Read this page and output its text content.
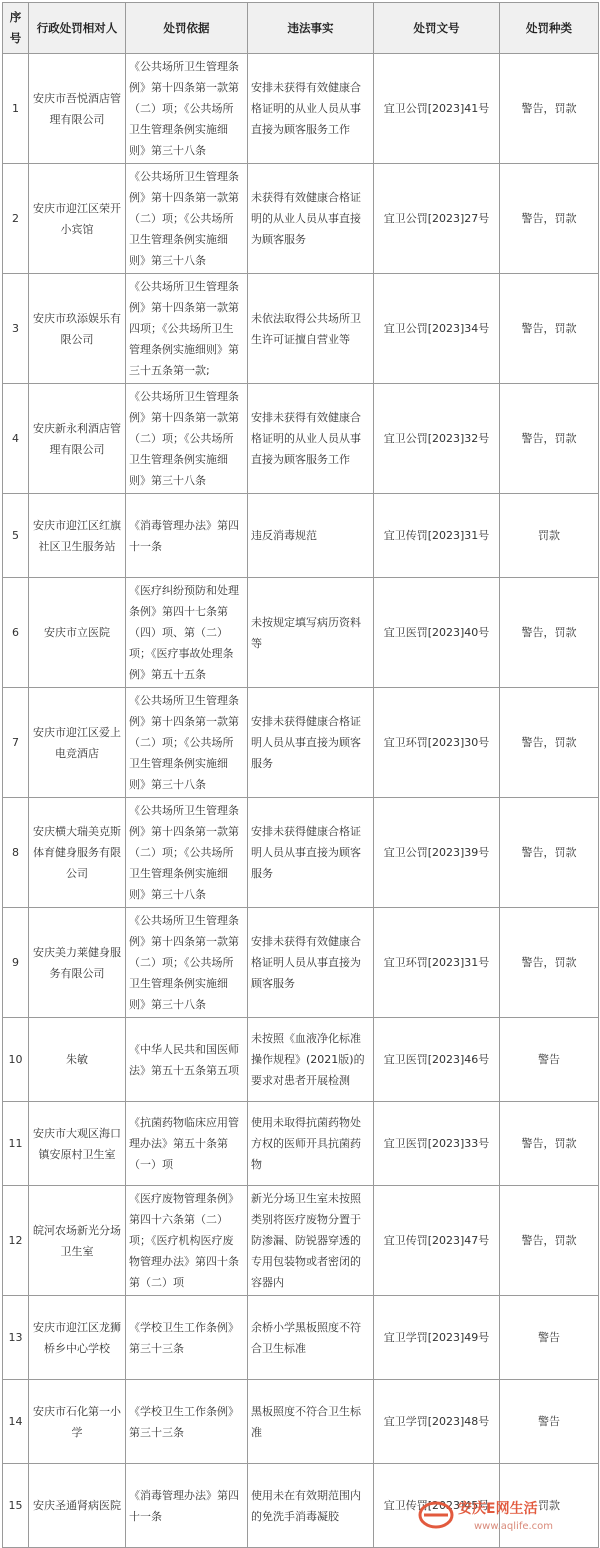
序号	行政处罚相对人	处罚依据	违法事实	处罚文号	处罚种类
1	安庆市吾悦酒店管理有限公司	《公共场所卫生管理条例》第十四条第一款第（二）项；《公共场所卫生管理条例实施细则》第三十八条	安排未获得有效健康合格证明的从业人员从事直接为顾客服务工作	宜卫公罚[2023]41号	警告，罚款
2	安庆市迎江区荣开小宾馆	《公共场所卫生管理条例》第十四条第一款第（二）项；《公共场所卫生管理条例实施细则》第三十八条	未获得有效健康合格证明的从业人员从事直接为顾客服务	宜卫公罚[2023]27号	警告，罚款
3	安庆市玖添娱乐有限公司	《公共场所卫生管理条例》第十四条第一款第四项；《公共场所卫生管理条例实施细则》第三十五条第一款;	未依法取得公共场所卫生许可证擅自营业等	宜卫公罚[2023]34号	警告，罚款
4	安庆新永利酒店管理有限公司	《公共场所卫生管理条例》第十四条第一款第（二）项；《公共场所卫生管理条例实施细则》第三十八条	安排未获得有效健康合格证明的从业人员从事直接为顾客服务工作	宜卫公罚[2023]32号	警告，罚款
5	安庆市迎江区红旗社区卫生服务站	《消毒管理办法》第四十一条	违反消毒规范	宜卫传罚[2023]31号	罚款
6	安庆市立医院	《医疗纠纷预防和处理条例》第四十七条第（四）项、第（二）项；《医疗事故处理条例》第五十五条	未按规定填写病历资料等	宜卫医罚[2023]40号	警告，罚款
7	安庆市迎江区爱上电竞酒店	《公共场所卫生管理条例》第十四条第一款第（二）项；《公共场所卫生管理条例实施细则》第三十八条	安排未获得健康合格证明人员从事直接为顾客服务	宜卫环罚[2023]30号	警告，罚款
8	安庆横大瑞美克斯体育健身服务有限公司	《公共场所卫生管理条例》第十四条第一款第（二）项；《公共场所卫生管理条例实施细则》第三十八条	安排未获得健康合格证明人员从事直接为顾客服务	宜卫公罚[2023]39号	警告，罚款
9	安庆美力莱健身服务有限公司	《公共场所卫生管理条例》第十四条第一款第（二）项；《公共场所卫生管理条例实施细则》第三十八条	安排未获得有效健康合格证明人员从事直接为顾客服务	宜卫环罚[2023]31号	警告，罚款
10	朱敏	《中华人民共和国医师法》第五十五条第五项	未按照《血液净化标准操作规程》(2021版)的要求对患者开展检测	宜卫医罚[2023]46号	警告
11	安庆市大观区海口镇安原村卫生室	《抗菌药物临床应用管理办法》第五十条第（一）项	使用未取得抗菌药物处方权的医师开具抗菌药物	宜卫医罚[2023]33号	警告，罚款
12	皖河农场新光分场卫生室	《医疗废物管理条例》第四十六条第（二）项；《医疗机构医疗废物管理办法》第四十条第（二）项	新光分场卫生室未按照类别将医疗废物分置于防渗漏、防锐器穿透的专用包装物或者密闭的容器内	宜卫传罚[2023]47号	警告，罚款
13	安庆市迎江区龙狮桥乡中心学校	《学校卫生工作条例》第三十三条	余桥小学黑板照度不符合卫生标准	宜卫学罚[2023]49号	警告
14	安庆市石化第一小学	《学校卫生工作条例》第三十三条	黑板照度不符合卫生标准	宜卫学罚[2023]48号	警告
15	安庆圣通肾病医院	《消毒管理办法》第四十一条	使用未在有效期范围内的免洗手消毒凝胶	宜卫传罚[2023]45号	罚款
安庆E网生活
www.aqlife.com
